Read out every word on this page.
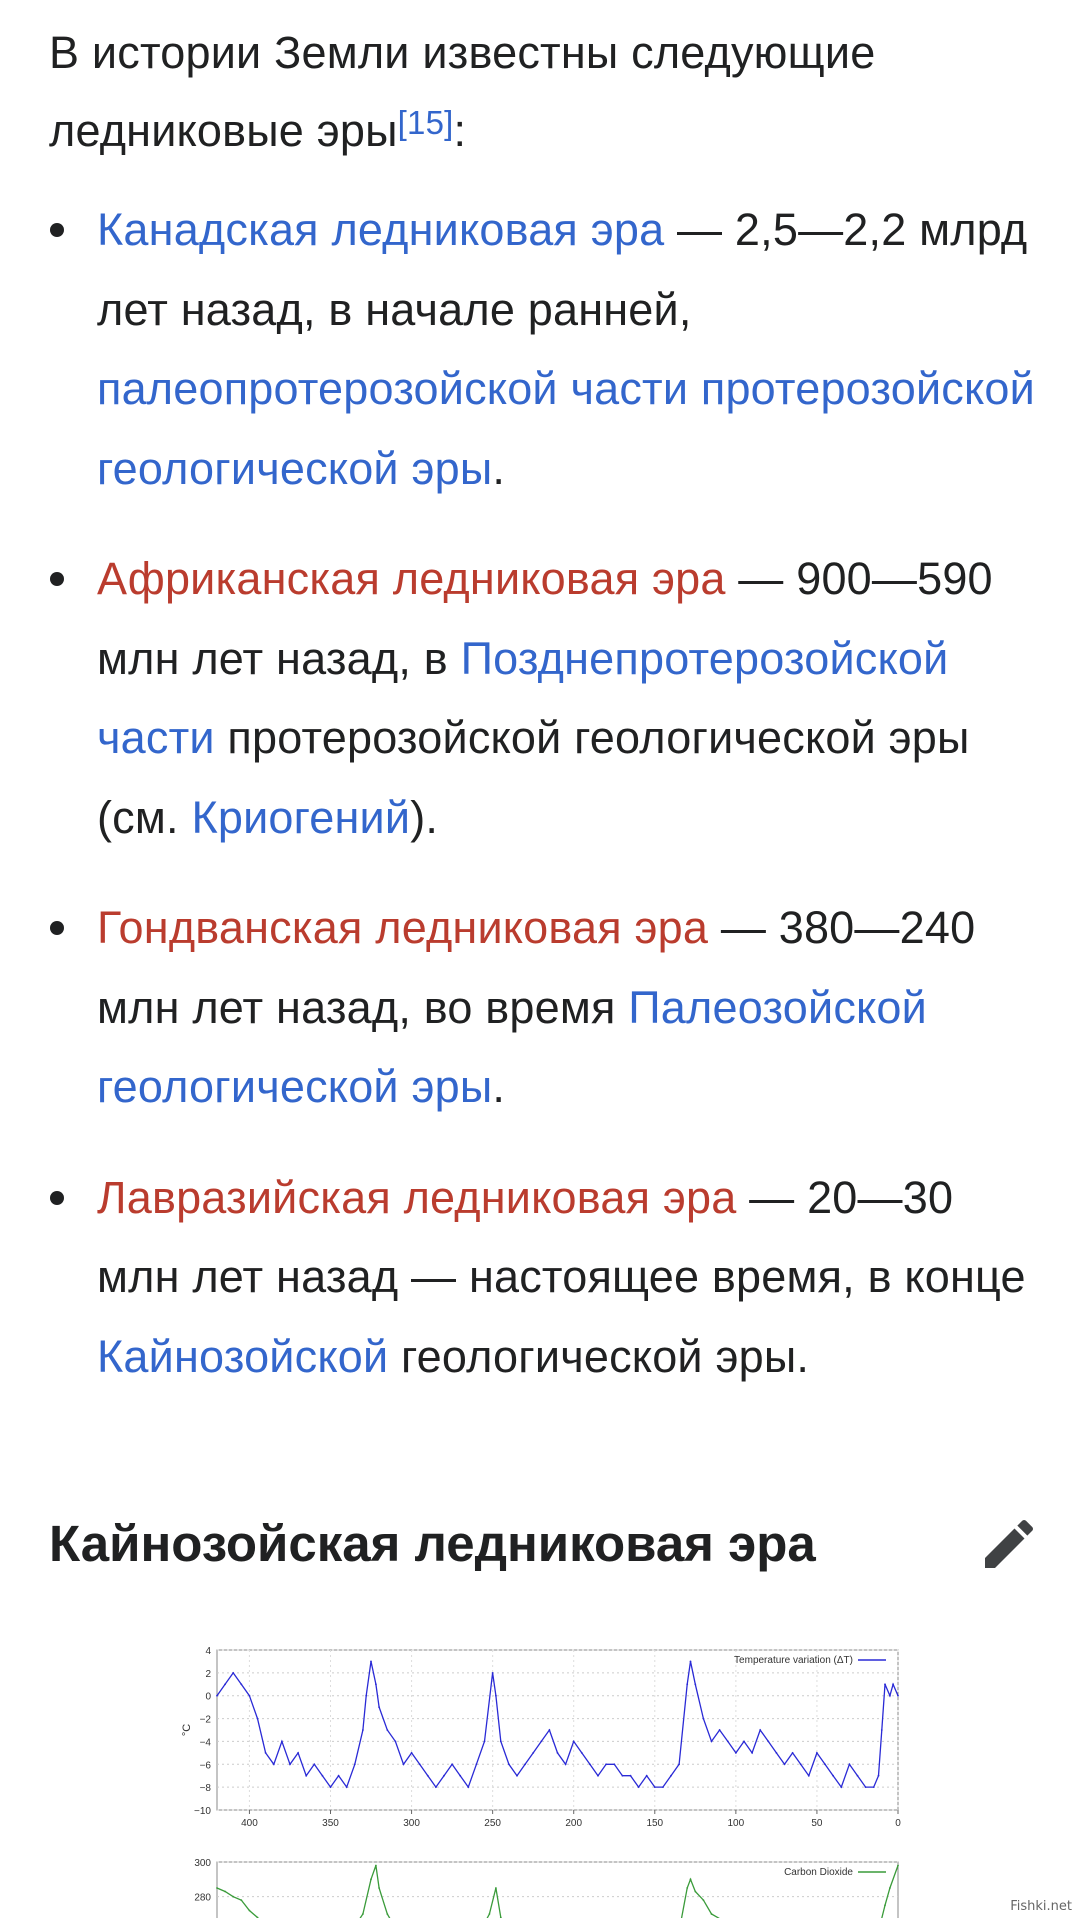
В истории Земли известны следующие ледниковые эры[15]:

Канадская ледниковая эра — 2,5—2,2 млрд лет назад, в начале ранней, палеопротерозойской части протерозойской геологической эры.
Африканская ледниковая эра — 900—590 млн лет назад, в Позднепротерозойской части протерозойской геологической эры (см. Криогений).
Гондванская ледниковая эра — 380—240 млн лет назад, во время Палеозойской геологической эры.
Лавразийская ледниковая эра — 20—30 млн лет назад — настоящее время, в конце Кайнозойской геологической эры.
Кайнозойская ледниковая эра
4
2
0
−2
−4
−6
−8
−10
400	350	300	250	200	150	100	50	0
°C
Temperature variation (ΔT)
300
280
Carbon Dioxide
Fishki.net
